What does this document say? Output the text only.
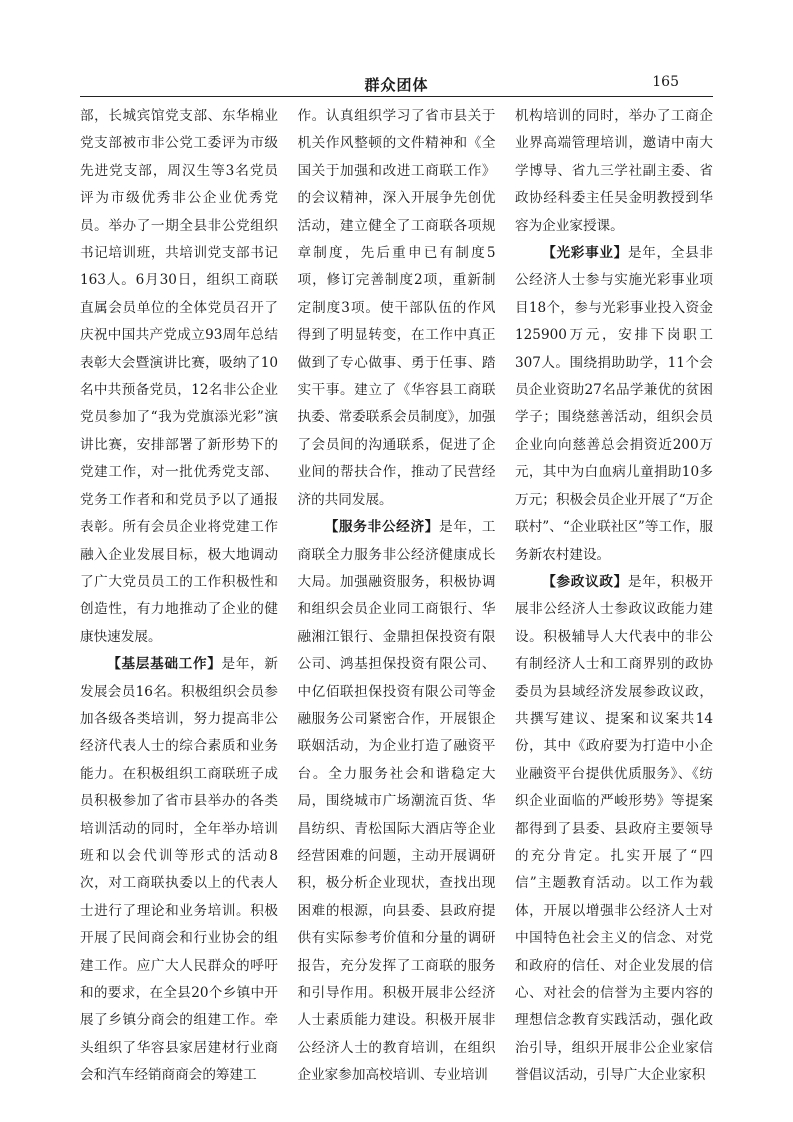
群众团体	165

部，长城宾馆党支部、东华棉业党支部被市非公党工委评为市级先进党支部，周汉生等3名党员评为市级优秀非公企业优秀党员。举办了一期全县非公党组织书记培训班，共培训党支部书记163人。6月30日，组织工商联直属会员单位的全体党员召开了庆祝中国共产党成立93周年总结表彰大会暨演讲比赛，吸纳了10名中共预备党员，12名非公企业党员参加了“我为党旗添光彩”演讲比赛，安排部署了新形势下的党建工作，对一批优秀党支部、党务工作者和和党员予以了通报表彰。所有会员企业将党建工作融入企业发展目标，极大地调动了广大党员员工的工作积极性和创造性，有力地推动了企业的健康快速发展。

【基层基础工作】是年，新发展会员16名。积极组织会员参加各级各类培训，努力提高非公经济代表人士的综合素质和业务能力。在积极组织工商联班子成员积极参加了省市县举办的各类培训活动的同时，全年举办培训班和以会代训等形式的活动8次，对工商联执委以上的代表人士进行了理论和业务培训。积极开展了民间商会和行业协会的组建工作。应广大人民群众的呼吁和的要求，在全县20个乡镇中开展了乡镇分商会的组建工作。牵头组织了华容县家居建材行业商会和汽车经销商商会的筹建工

作。认真组织学习了省市县关于机关作风整顿的文件精神和《全国关于加强和改进工商联工作》的会议精神，深入开展争先创优活动，建立健全了工商联各项规章制度，先后重申已有制度5项，修订完善制度2项，重新制定制度3项。使干部队伍的作风得到了明显转变，在工作中真正做到了专心做事、勇于任事、踏实干事。建立了《华容县工商联执委、常委联系会员制度》，加强了会员间的沟通联系，促进了企业间的帮扶合作，推动了民营经济的共同发展。

【服务非公经济】是年，工商联全力服务非公经济健康成长大局。加强融资服务，积极协调和组织会员企业同工商银行、华融湘江银行、金鼎担保投资有限公司、鸿基担保投资有限公司、中亿佰联担保投资有限公司等金融服务公司紧密合作，开展银企联姻活动，为企业打造了融资平台。全力服务社会和谐稳定大局，围绕城市广场潮流百货、华昌纺织、青松国际大酒店等企业经营困难的问题，主动开展调研积，极分析企业现状，查找出现困难的根源，向县委、县政府提供有实际参考价值和分量的调研报告，充分发挥了工商联的服务和引导作用。积极开展非公经济人士素质能力建设。积极开展非公经济人士的教育培训，在组织企业家参加高校培训、专业培训

机构培训的同时，举办了工商企业界高端管理培训，邀请中南大学博导、省九三学社副主委、省政协经科委主任吴金明教授到华容为企业家授课。

【光彩事业】是年，全县非公经济人士参与实施光彩事业项目18个，参与光彩事业投入资金125900万元，安排下岗职工307人。围绕捐助助学，11个会员企业资助27名品学兼优的贫困学子；围绕慈善活动，组织会员企业向向慈善总会捐资近200万元，其中为白血病儿童捐助10多万元；积极会员企业开展了“万企联村”、“企业联社区”等工作，服务新农村建设。

【参政议政】是年，积极开展非公经济人士参政议政能力建设。积极辅导人大代表中的非公有制经济人士和工商界别的政协委员为县域经济发展参政议政，共撰写建议、提案和议案共14份，其中《政府要为打造中小企业融资平台提供优质服务》、《纺织企业面临的严峻形势》等提案都得到了县委、县政府主要领导的充分肯定。扎实开展了“四信”主题教育活动。以工作为载体，开展以增强非公经济人士对中国特色社会主义的信念、对党和政府的信任、对企业发展的信心、对社会的信誉为主要内容的理想信念教育实践活动，强化政治引导，组织开展非公企业家信誉倡议活动，引导广大企业家积
